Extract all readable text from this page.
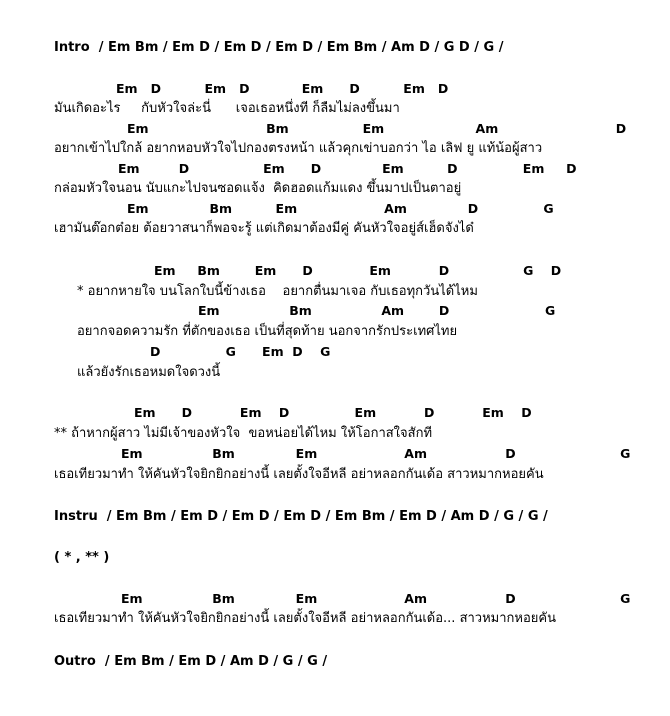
Intro  / Em Bm / Em D / Em D / Em D / Em Bm / Am D / G D / G /
Em   D          Em   D            Em      D          Em   D
มันเกิดอะไร     กับหัวใจล่ะนี่      เจอเธอหนึ่งที ก็ลืมไม่ลงขึ้นมา
Em                           Bm                 Em                     Am                           D
อยากเข้าไปใกล้ อยากหอบหัวใจไปกองตรงหน้า แล้วคุกเข่าบอกว่า ไอ เลิฟ ยู แท้น้อผู้สาว
Em         D                 Em      D              Em          D               Em     D
กล่อมหัวใจนอน นับแกะไปจนซอดแจ้ง  คิดฮอดแก้มแดง ขึ้นมาปเป็นตาอยู่
Em              Bm          Em                    Am              D               G
เฮามันต๊อกต๋อย ต้อยวาสนาก็พอจะรู้ แต่เกิดมาต้องมีคู่ คันหัวใจอยู่ส์เฮ็ดจังได๋
Em     Bm        Em      D             Em           D                 G    D
* อยากหายใจ บนโลกใบนี้ข้างเธอ    อยากตื่นมาเจอ กับเธอทุกวันได้ไหม
Em                Bm                Am        D                      G
อยากจอดความรัก ที่ตักของเธอ เป็นที่สุดท้าย นอกจากรักประเทศไทย
D               G      Em  D    G
แล้วยังรักเธอหมดใจดวงนี้
Em      D           Em    D               Em           D           Em    D
** ถ้าหากผู้สาว ไม่มีเจ้าของหัวใจ  ขอหน่อยได้ไหม ให้โอกาสใจสักที
Em                Bm              Em                    Am                  D                        G
เธอเทียวมาทำ ให้คันหัวใจยิกยิกอย่างนี้ เลยตั้งใจอีหลี อย่าหลอกกันเด้อ สาวหมากหอยคัน
Instru  / Em Bm / Em D / Em D / Em D / Em Bm / Em D / Am D / G / G /
( * , ** )
Em                Bm              Em                    Am                  D                        G
เธอเทียวมาทำ ให้คันหัวใจยิกยิกอย่างนี้ เลยตั้งใจอีหลี อย่าหลอกกันเด้อ... สาวหมากหอยคัน
Outro  / Em Bm / Em D / Am D / G / G /
